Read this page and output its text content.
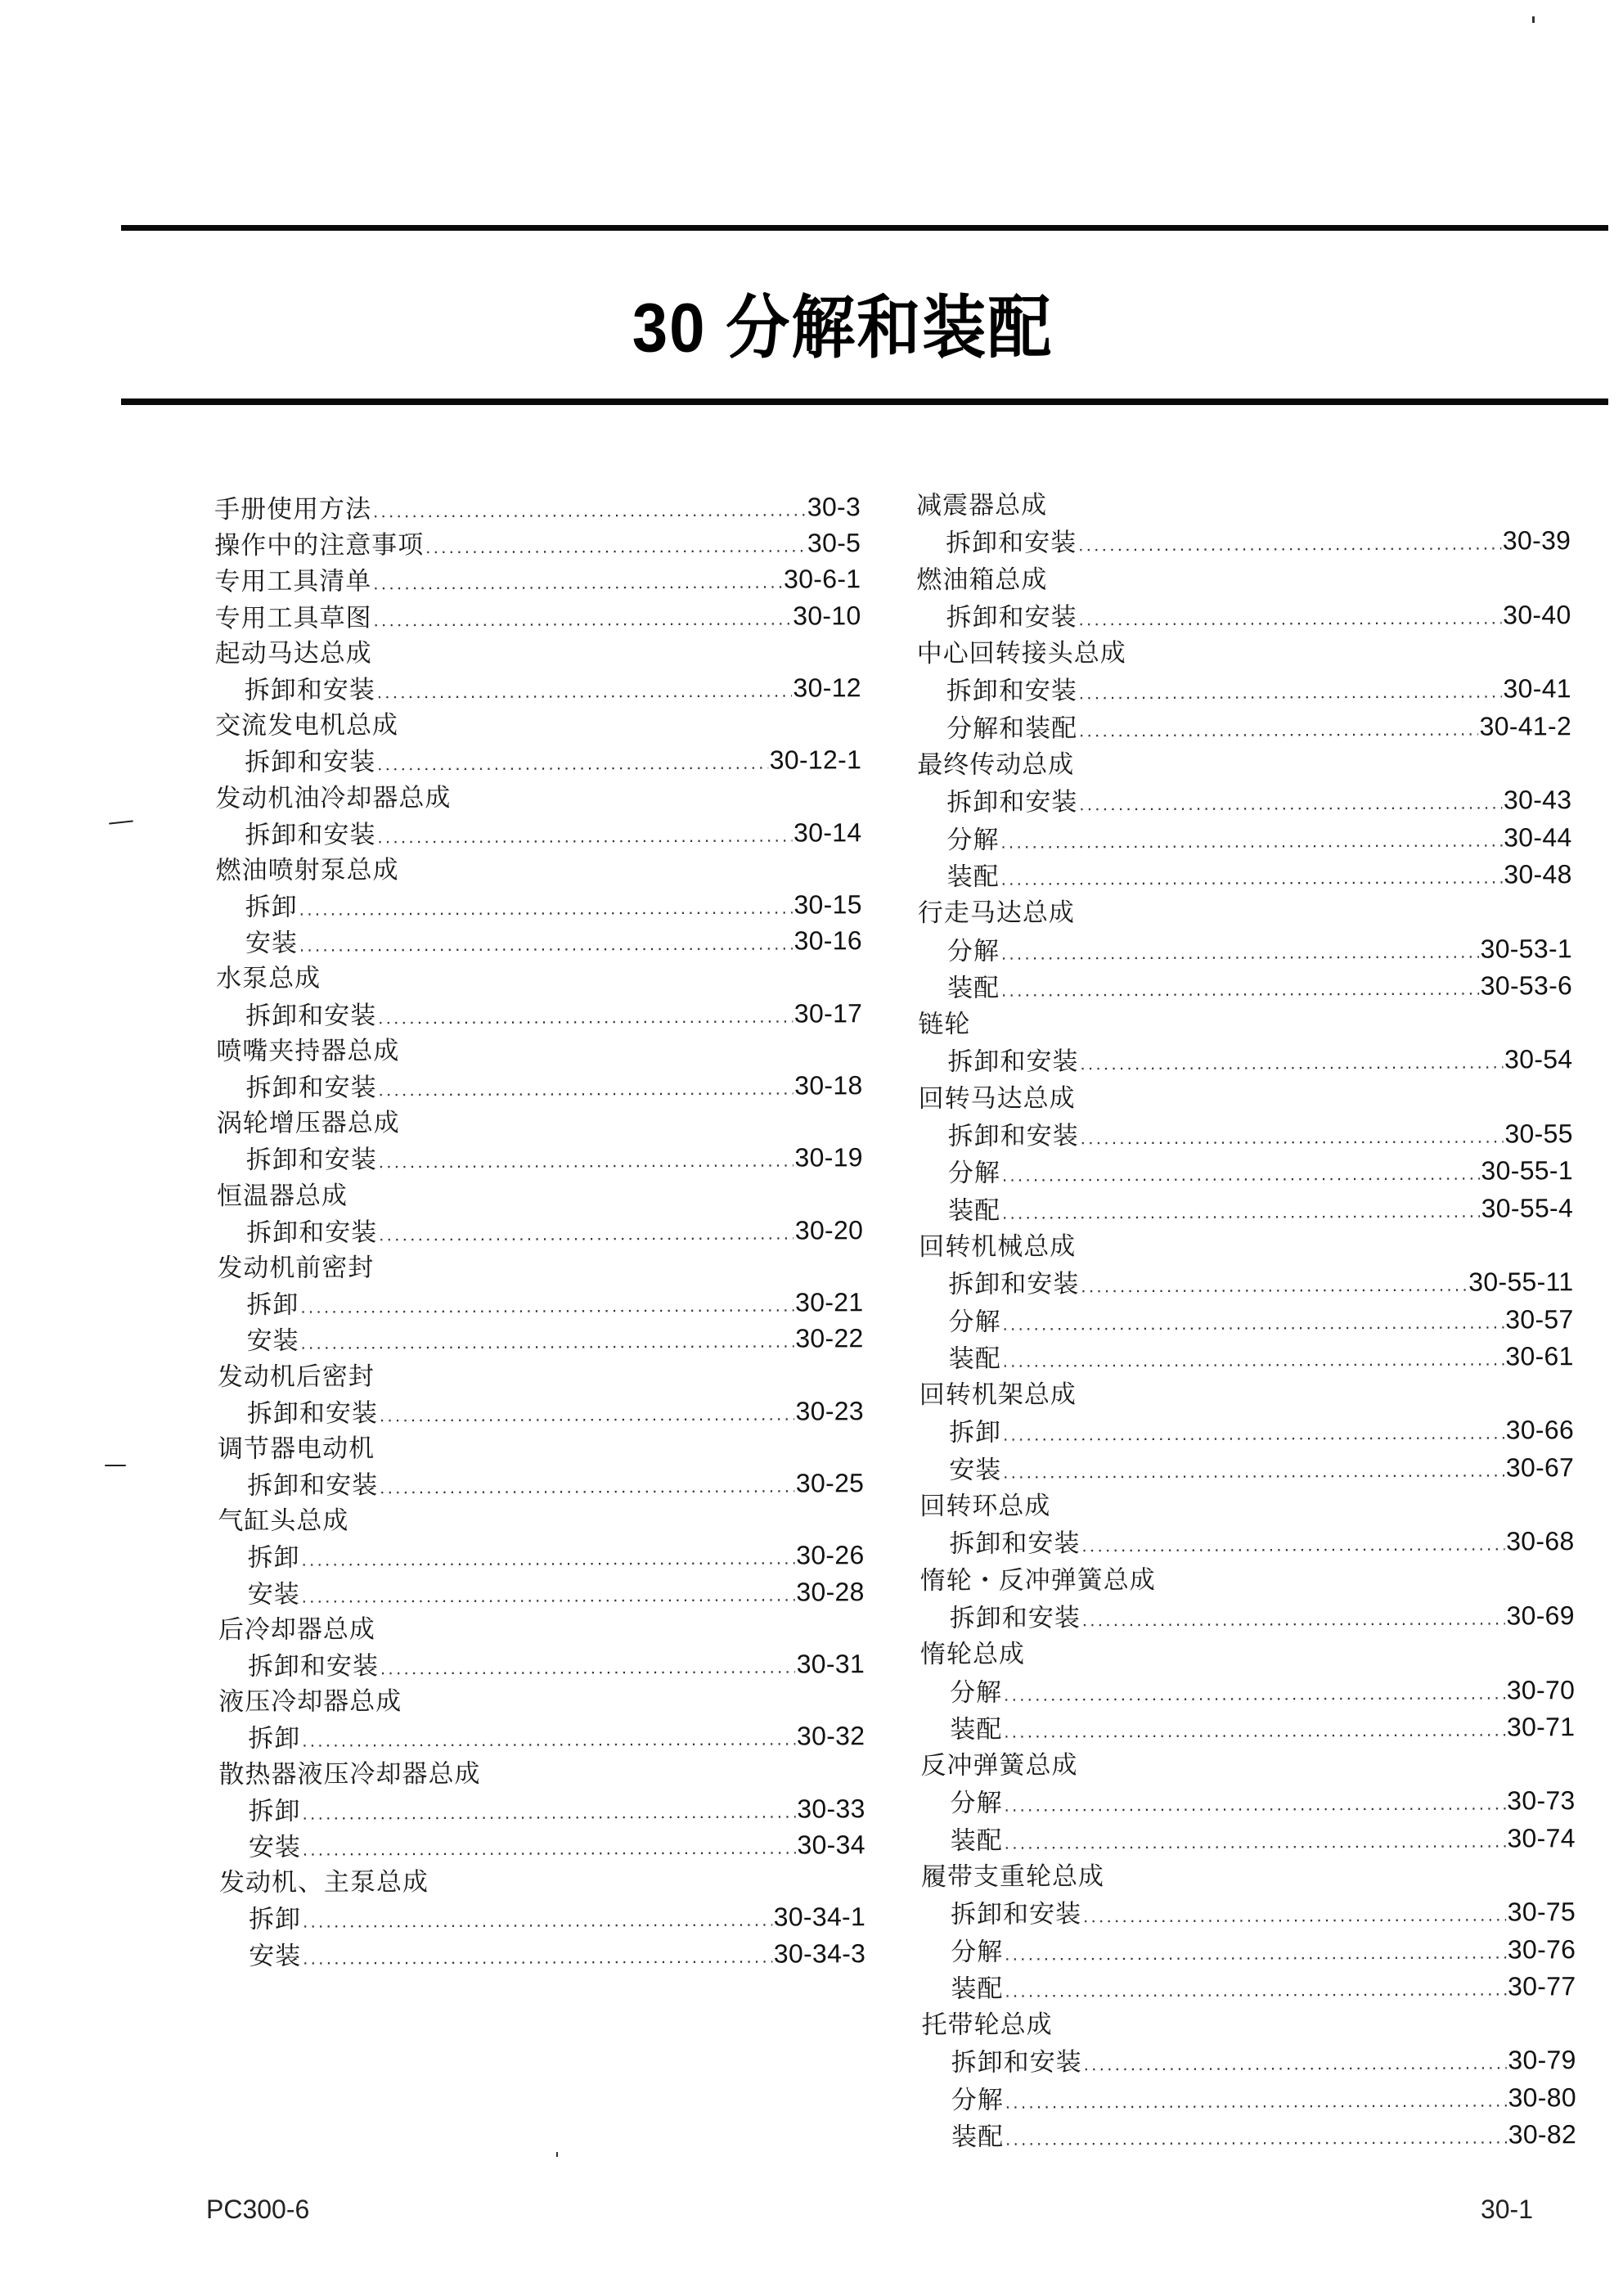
30 分解和装配
手册使用方法 .....	30-3
操作中的注意事项 .....	30-5
专用工具清单 .....	30-6-1
专用工具草图 .....	30-10
起动马达总成
拆卸和安装 .....	30-12
交流发电机总成
拆卸和安装 .....	30-12-1
发动机油冷却器总成
拆卸和安装 .....	30-14
燃油喷射泵总成
拆卸 .....	30-15
安装 .....	30-16
水泵总成
拆卸和安装 .....	30-17
喷嘴夹持器总成
拆卸和安装 .....	30-18
涡轮增压器总成
拆卸和安装 .....	30-19
恒温器总成
拆卸和安装 .....	30-20
发动机前密封
拆卸 .....	30-21
安装 .....	30-22
发动机后密封
拆卸和安装 .....	30-23
调节器电动机
拆卸和安装 .....	30-25
气缸头总成
拆卸 .....	30-26
安装 .....	30-28
后冷却器总成
拆卸和安装 .....	30-31
液压冷却器总成
拆卸 .....	30-32
散热器液压冷却器总成
拆卸 .....	30-33
安装 .....	30-34
发动机、主泵总成
拆卸 .....	30-34-1
安装 .....	30-34-3
减震器总成
拆卸和安装 .....	30-39
燃油箱总成
拆卸和安装 .....	30-40
中心回转接头总成
拆卸和安装 .....	30-41
分解和装配 .....	30-41-2
最终传动总成
拆卸和安装 .....	30-43
分解 .....	30-44
装配 .....	30-48
行走马达总成
分解 .....	30-53-1
装配 .....	30-53-6
链轮
拆卸和安装 .....	30-54
回转马达总成
拆卸和安装 .....	30-55
分解 .....	30-55-1
装配 .....	30-55-4
回转机械总成
拆卸和安装 .....	30-55-11
分解 .....	30-57
装配 .....	30-61
回转机架总成
拆卸 .....	30-66
安装 .....	30-67
回转环总成
拆卸和安装 .....	30-68
惰轮・反冲弹簧总成
拆卸和安装 .....	30-69
惰轮总成
分解 .....	30-70
装配 .....	30-71
反冲弹簧总成
分解 .....	30-73
装配 .....	30-74
履带支重轮总成
拆卸和安装 .....	30-75
分解 .....	30-76
装配 .....	30-77
托带轮总成
拆卸和安装 .....	30-79
分解 .....	30-80
装配 .....	30-82
PC300-6	30-1
